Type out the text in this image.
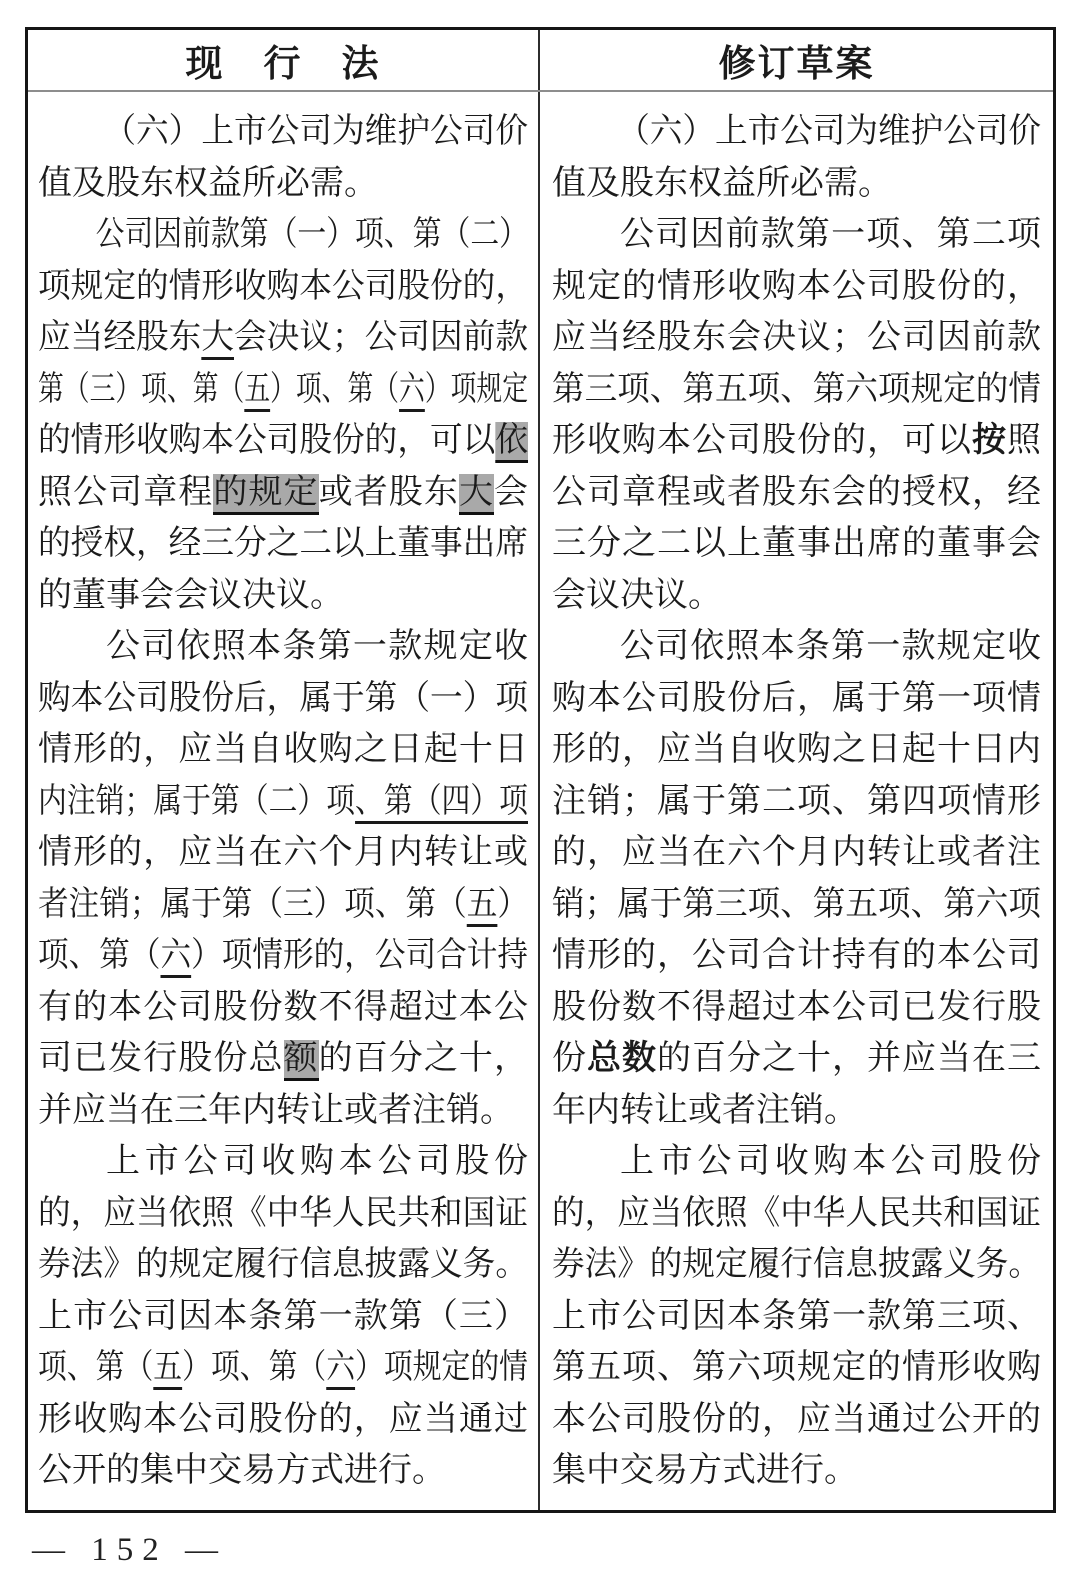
现　行　法	修订草案
（六）上市公司为维护公司价
值及股东权益所必需。
公司因前款第（一）项、第（二）
项规定的情形收购本公司股份的，
应当经股东大会决议；公司因前款
第（三）项、第（五）项、第（六）项规定
的情形收购本公司股份的，可以依
照公司章程的规定或者股东大会
的授权，经三分之二以上董事出席
的董事会会议决议。
公司依照本条第一款规定收
购本公司股份后，属于第（一）项
情形的，应当自收购之日起十日
内注销；属于第（二）项、第（四）项
情形的，应当在六个月内转让或
者注销；属于第（三）项、第（五）
项、第（六）项情形的，公司合计持
有的本公司股份数不得超过本公
司已发行股份总额的百分之十，
并应当在三年内转让或者注销。
上市公司收购本公司股份
的，应当依照《中华人民共和国证
券法》的规定履行信息披露义务。
上市公司因本条第一款第（三）
项、第（五）项、第（六）项规定的情
形收购本公司股份的，应当通过
公开的集中交易方式进行。
（六）上市公司为维护公司价
值及股东权益所必需。
公司因前款第一项、第二项
规定的情形收购本公司股份的，
应当经股东会决议；公司因前款
第三项、第五项、第六项规定的情
形收购本公司股份的，可以按照
公司章程或者股东会的授权，经
三分之二以上董事出席的董事会
会议决议。
公司依照本条第一款规定收
购本公司股份后，属于第一项情
形的，应当自收购之日起十日内
注销；属于第二项、第四项情形
的，应当在六个月内转让或者注
销；属于第三项、第五项、第六项
情形的，公司合计持有的本公司
股份数不得超过本公司已发行股
份总数的百分之十，并应当在三
年内转让或者注销。
上市公司收购本公司股份
的，应当依照《中华人民共和国证
券法》的规定履行信息披露义务。
上市公司因本条第一款第三项、
第五项、第六项规定的情形收购
本公司股份的，应当通过公开的
集中交易方式进行。
— 152 —
